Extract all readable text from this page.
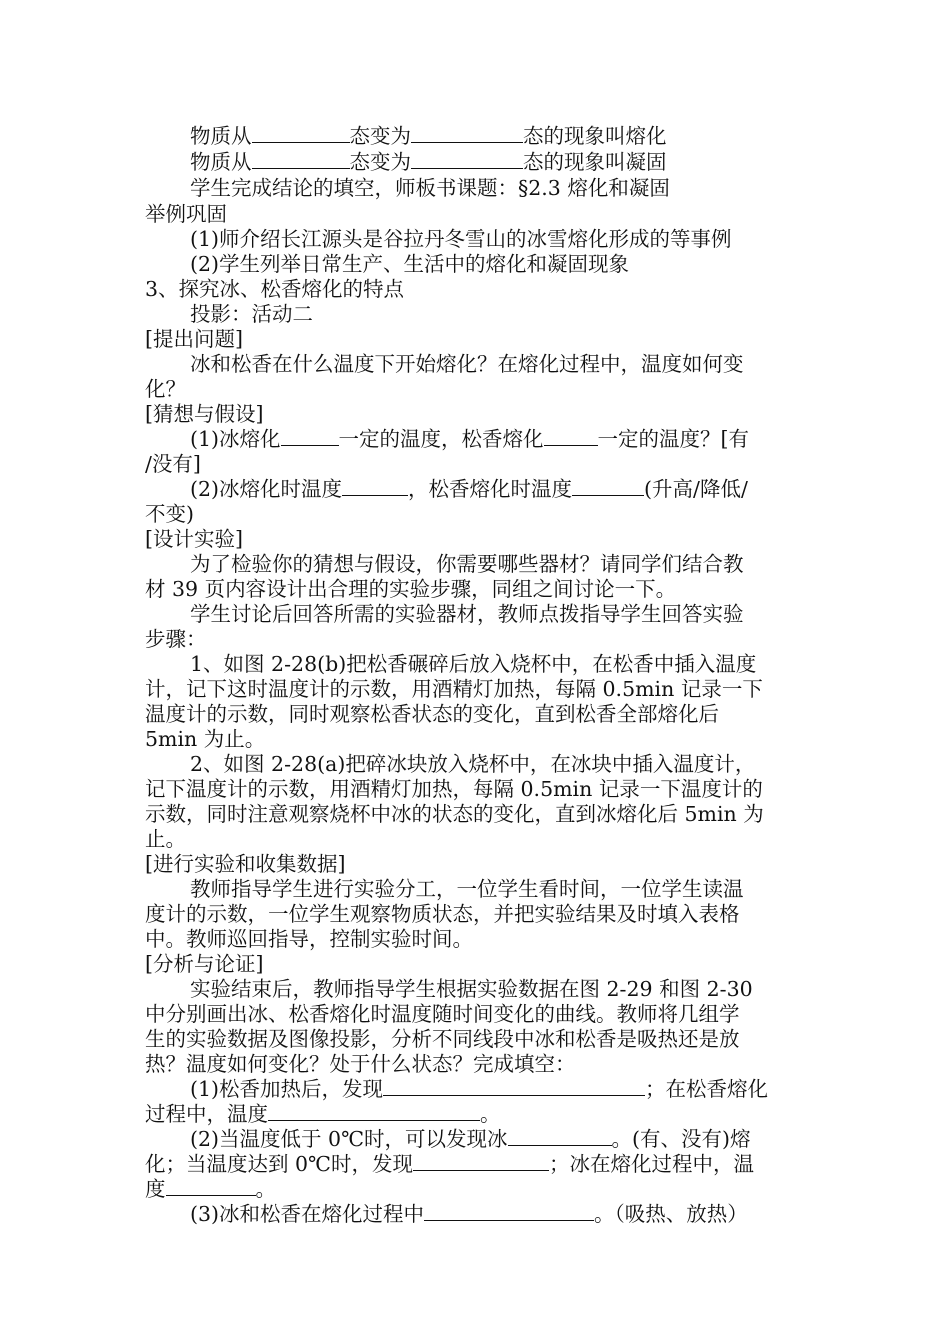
物质从	态变为	态的现象叫熔化
物质从	态变为	态的现象叫凝固
学生完成结论的填空，师板书课题：§2.3 熔化和凝固
举例巩固
(1)师介绍长江源头是谷拉丹冬雪山的冰雪熔化形成的等事例
(2)学生列举日常生产、生活中的熔化和凝固现象
3、探究冰、松香熔化的特点
投影：活动二
[提出问题]
冰和松香在什么温度下开始熔化？在熔化过程中，温度如何变
化？
[猜想与假设]
(1)冰熔化	一定的温度，松香熔化	一定的温度？[有
/没有]
(2)冰熔化时温度	，松香熔化时温度	(升高/降低/
不变)
[设计实验]
为了检验你的猜想与假设，你需要哪些器材？请同学们结合教
材 39 页内容设计出合理的实验步骤，同组之间讨论一下。
学生讨论后回答所需的实验器材，教师点拨指导学生回答实验
步骤：
1、如图 2-28(b)把松香碾碎后放入烧杯中，在松香中插入温度
计，记下这时温度计的示数，用酒精灯加热，每隔 0.5min 记录一下
温度计的示数，同时观察松香状态的变化，直到松香全部熔化后
5min 为止。
2、如图 2-28(a)把碎冰块放入烧杯中，在冰块中插入温度计，
记下温度计的示数，用酒精灯加热，每隔 0.5min 记录一下温度计的
示数，同时注意观察烧杯中冰的状态的变化，直到冰熔化后 5min 为
止。
[进行实验和收集数据]
教师指导学生进行实验分工，一位学生看时间，一位学生读温
度计的示数，一位学生观察物质状态，并把实验结果及时填入表格
中。教师巡回指导，控制实验时间。
[分析与论证]
实验结束后，教师指导学生根据实验数据在图 2-29 和图 2-30
中分别画出冰、松香熔化时温度随时间变化的曲线。教师将几组学
生的实验数据及图像投影，分析不同线段中冰和松香是吸热还是放
热？温度如何变化？处于什么状态？完成填空：
(1)松香加热后，发现	；在松香熔化
过程中，温度	。
(2)当温度低于 0℃时，可以发现冰	。(有、没有)熔
化；当温度达到 0℃时，发现	；冰在熔化过程中，温
度	。
(3)冰和松香在熔化过程中	。（吸热、放热）
